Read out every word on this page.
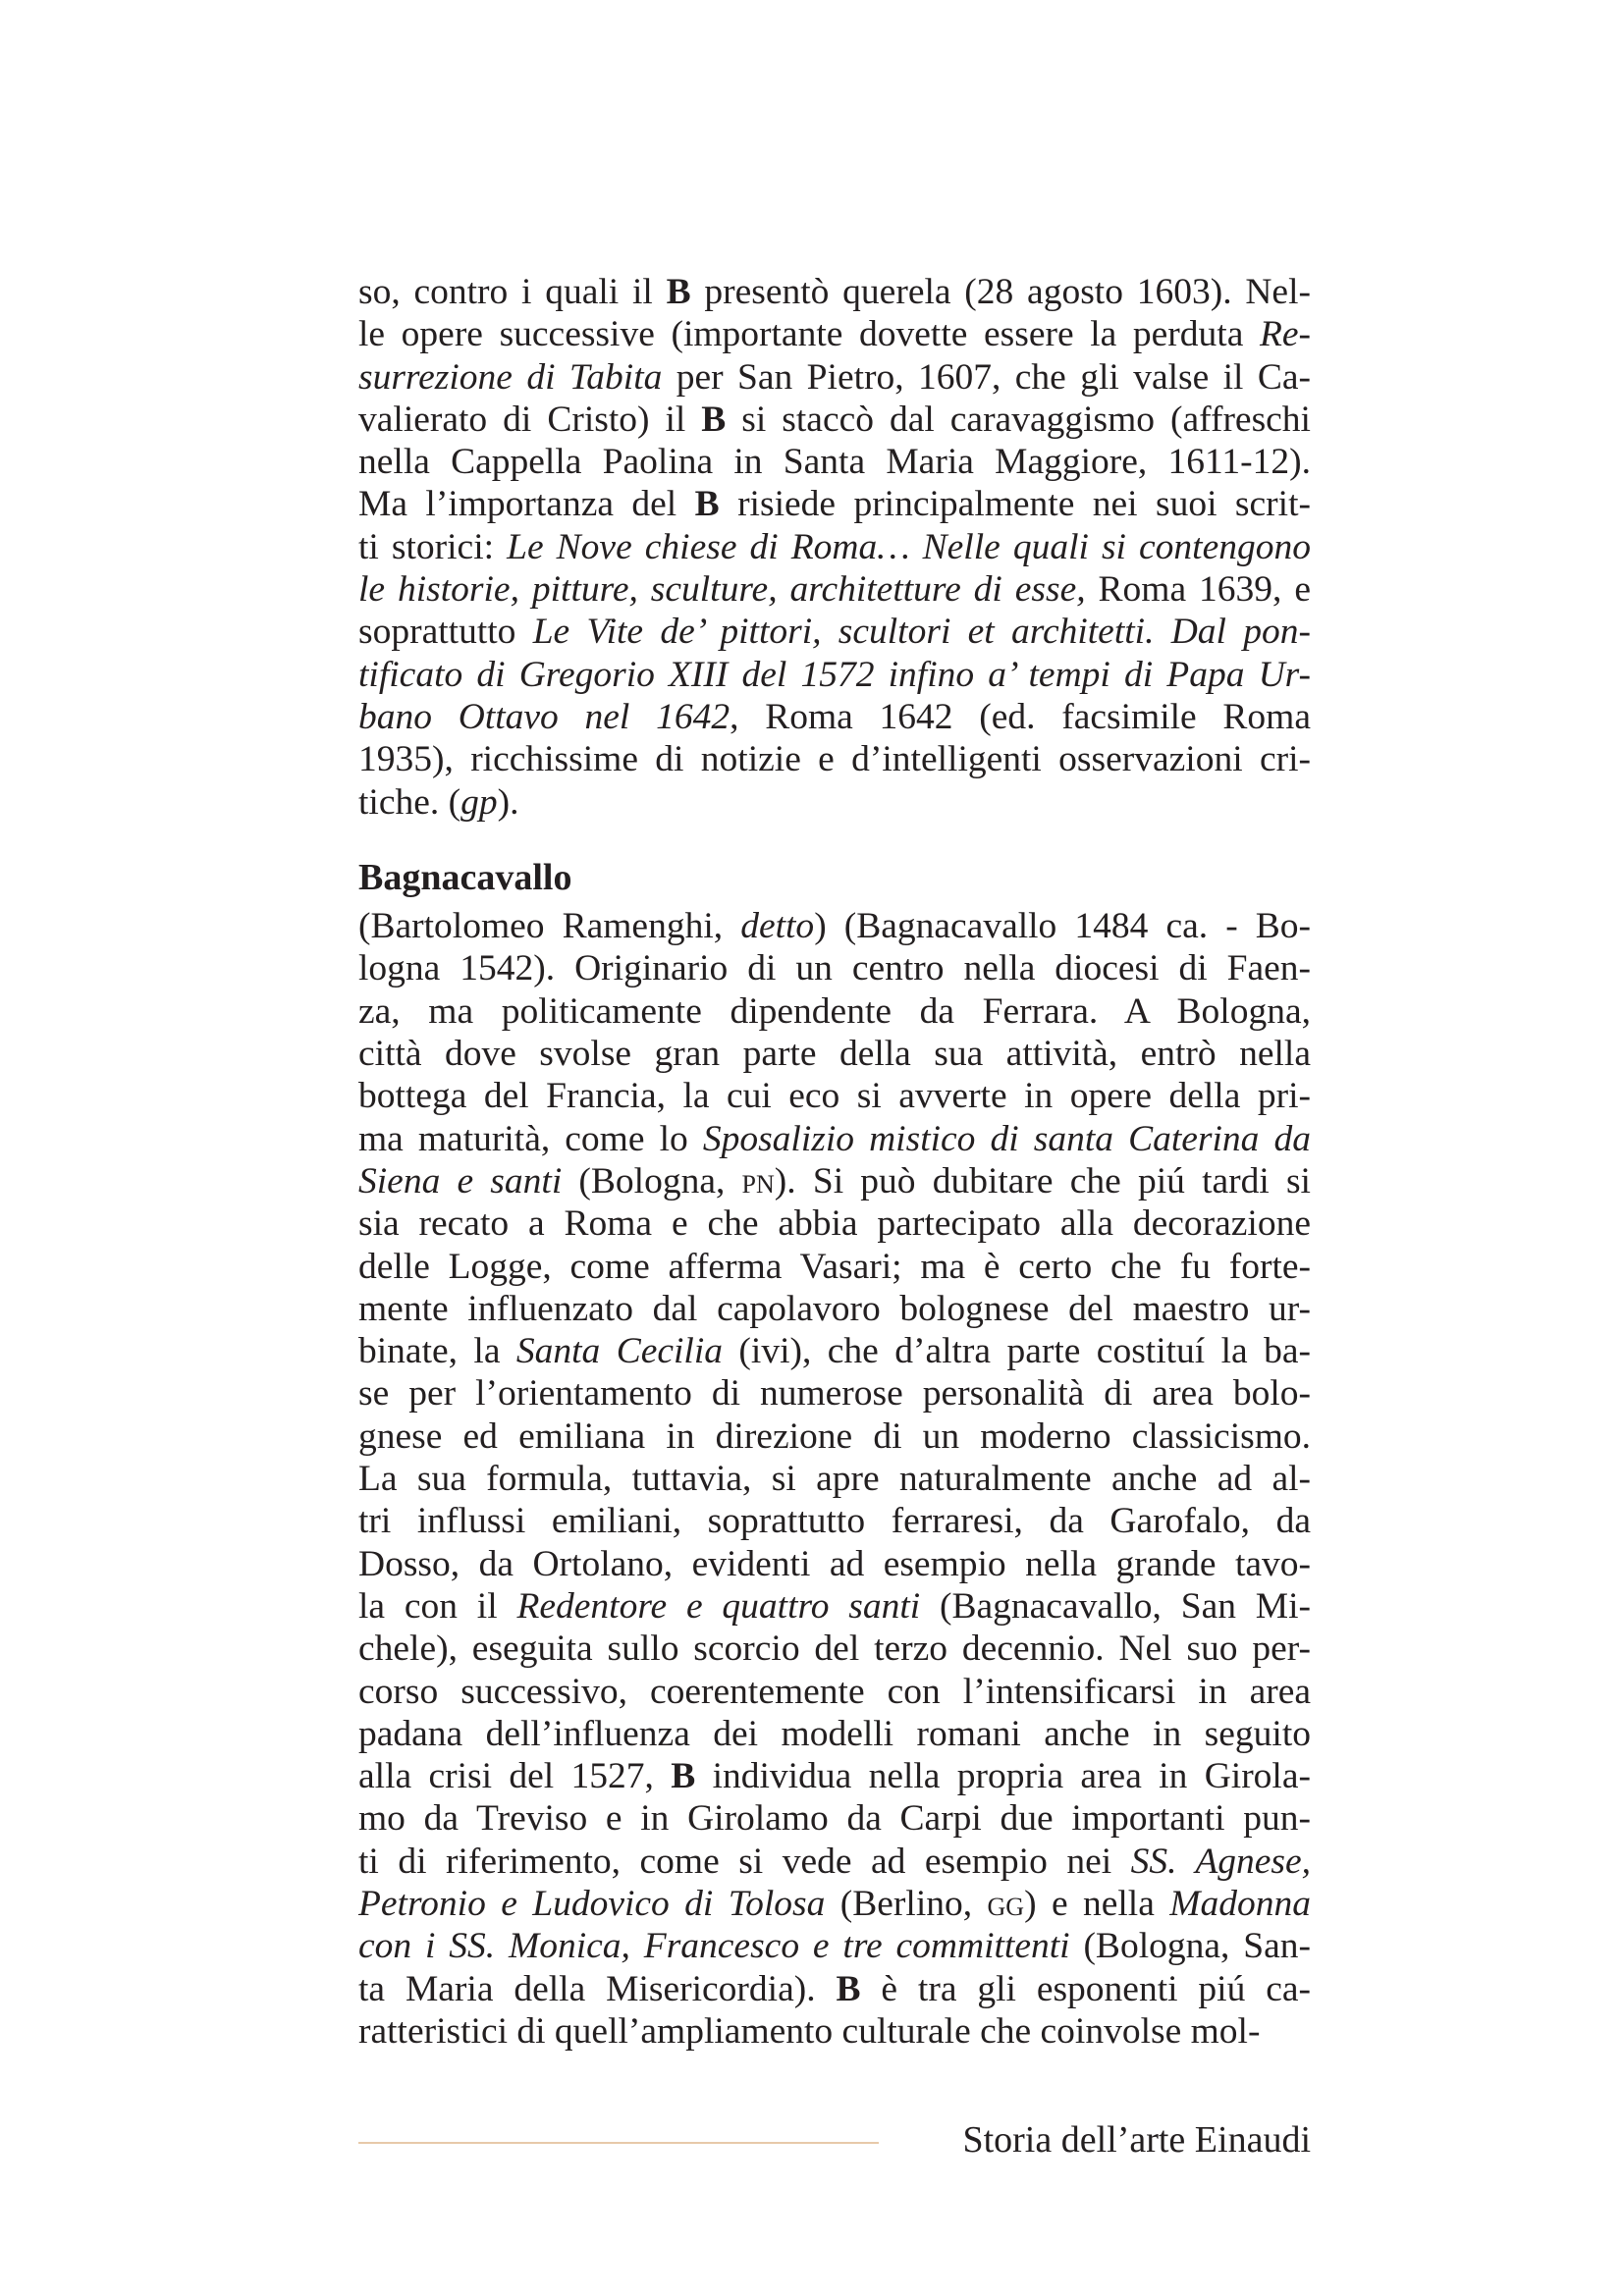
so, contro i quali il B presentò querela (28 agosto 1603). Nel-
le opere successive (importante dovette essere la perduta Re-
surrezione di Tabita per San Pietro, 1607, che gli valse il Ca-
valierato di Cristo) il B si staccò dal caravaggismo (affreschi
nella Cappella Paolina in Santa Maria Maggiore, 1611-12).
Ma l’importanza del B risiede principalmente nei suoi scrit-
ti storici: Le Nove chiese di Roma… Nelle quali si contengono
le historie, pitture, sculture, architetture di esse, Roma 1639, e
soprattutto Le Vite de’ pittori, scultori et architetti. Dal pon-
tificato di Gregorio XIII del 1572 infino a’ tempi di Papa Ur-
bano Ottavo nel 1642, Roma 1642 (ed. facsimile Roma
1935), ricchissime di notizie e d’intelligenti osservazioni cri-
tiche. (gp).
Bagnacavallo
(Bartolomeo Ramenghi, detto) (Bagnacavallo 1484 ca. - Bo-
logna 1542). Originario di un centro nella diocesi di Faen-
za, ma politicamente dipendente da Ferrara. A Bologna,
città dove svolse gran parte della sua attività, entrò nella
bottega del Francia, la cui eco si avverte in opere della pri-
ma maturità, come lo Sposalizio mistico di santa Caterina da
Siena e santi (Bologna, pn). Si può dubitare che piú tardi si
sia recato a Roma e che abbia partecipato alla decorazione
delle Logge, come afferma Vasari; ma è certo che fu forte-
mente influenzato dal capolavoro bolognese del maestro ur-
binate, la Santa Cecilia (ivi), che d’altra parte costituí la ba-
se per l’orientamento di numerose personalità di area bolo-
gnese ed emiliana in direzione di un moderno classicismo.
La sua formula, tuttavia, si apre naturalmente anche ad al-
tri influssi emiliani, soprattutto ferraresi, da Garofalo, da
Dosso, da Ortolano, evidenti ad esempio nella grande tavo-
la con il Redentore e quattro santi (Bagnacavallo, San Mi-
chele), eseguita sullo scorcio del terzo decennio. Nel suo per-
corso successivo, coerentemente con l’intensificarsi in area
padana dell’influenza dei modelli romani anche in seguito
alla crisi del 1527, B individua nella propria area in Girola-
mo da Treviso e in Girolamo da Carpi due importanti pun-
ti di riferimento, come si vede ad esempio nei SS. Agnese,
Petronio e Ludovico di Tolosa (Berlino, gg) e nella Madonna
con i SS. Monica, Francesco e tre committenti (Bologna, San-
ta Maria della Misericordia). B è tra gli esponenti piú ca-
ratteristici di quell’ampliamento culturale che coinvolse mol-
Storia dell’arte Einaudi
